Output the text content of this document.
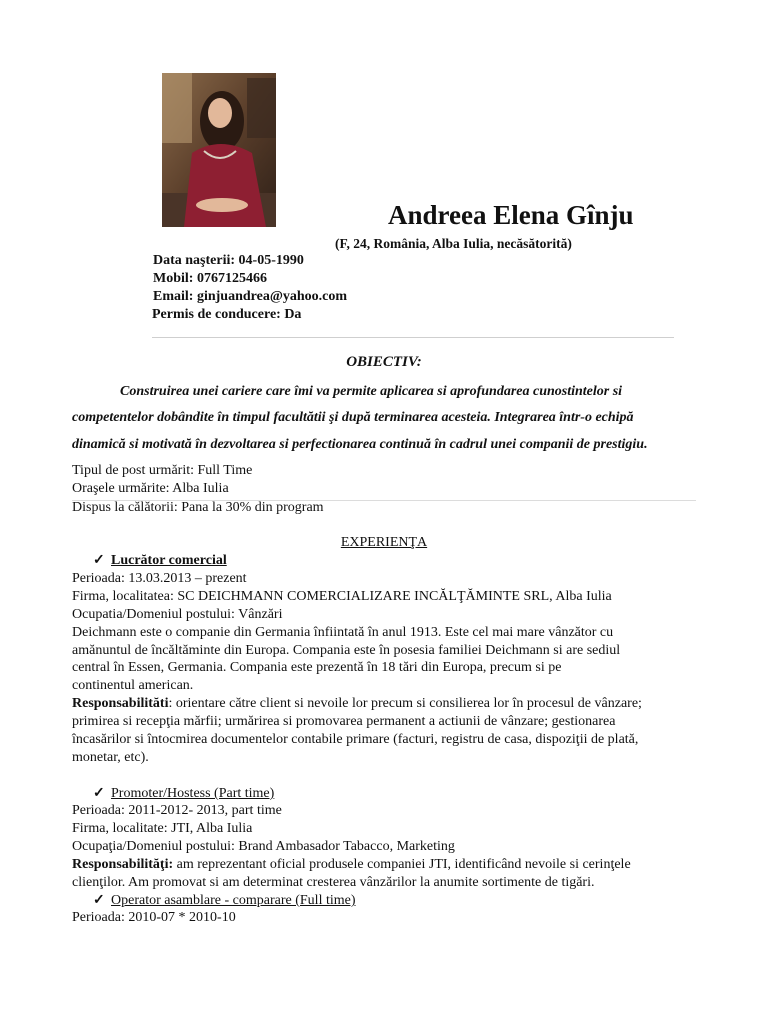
Andreea Elena Gînju
(F, 24, România, Alba Iulia, necăsătorită)
Data naşterii: 04-05-1990
Mobil: 0767125466
Email: ginjuandrea@yahoo.com
Permis de conducere: Da
OBIECTIV:
Construirea unei cariere care îmi va permite aplicarea si aprofundarea cunostintelor si
competentelor dobândite în timpul facultătii şi după terminarea acesteia. Integrarea într-o echipă
dinamică si motivată în dezvoltarea si perfectionarea continuă în cadrul unei companii de prestigiu.
Tipul de post urmărit: Full Time
Oraşele urmărite: Alba Iulia
Dispus la călătorii: Pana la 30% din program
EXPERIENŢA
✓ Lucrător comercial
Perioada: 13.03.2013 – prezent
Firma, localitatea: SC DEICHMANN COMERCIALIZARE INCĂLŢĂMINTE SRL, Alba Iulia
Ocupatia/Domeniul postului: Vânzări
Deichmann este o companie din Germania înfiintată în anul 1913. Este cel mai mare vânzător cu
amănuntul de încăltăminte din Europa. Compania este în posesia familiei Deichmann si are sediul
central în Essen, Germania. Compania este prezentă în 18 tări din Europa, precum si pe
continentul american.
Responsabilităti: orientare către client si nevoile lor precum si consilierea lor în procesul de vânzare;
primirea si recepţia mărfii; urmărirea si promovarea permanent a actiunii de vânzare; gestionarea
încasărilor si întocmirea documentelor contabile primare (facturi, registru de casa, dispoziţii de plată,
monetar, etc).
✓ Promoter/Hostess (Part time)
Perioada: 2011-2012- 2013, part time
Firma, localitate: JTI, Alba Iulia
Ocupaţia/Domeniul postului: Brand Ambasador Tabacco, Marketing
Responsabilităţi: am reprezentant oficial produsele companiei JTI, identificând nevoile si cerinţele
clienţilor. Am promovat si am determinat cresterea vânzărilor la anumite sortimente de tigări.
✓ Operator asamblare - comparare (Full time)
Perioada: 2010-07 * 2010-10
